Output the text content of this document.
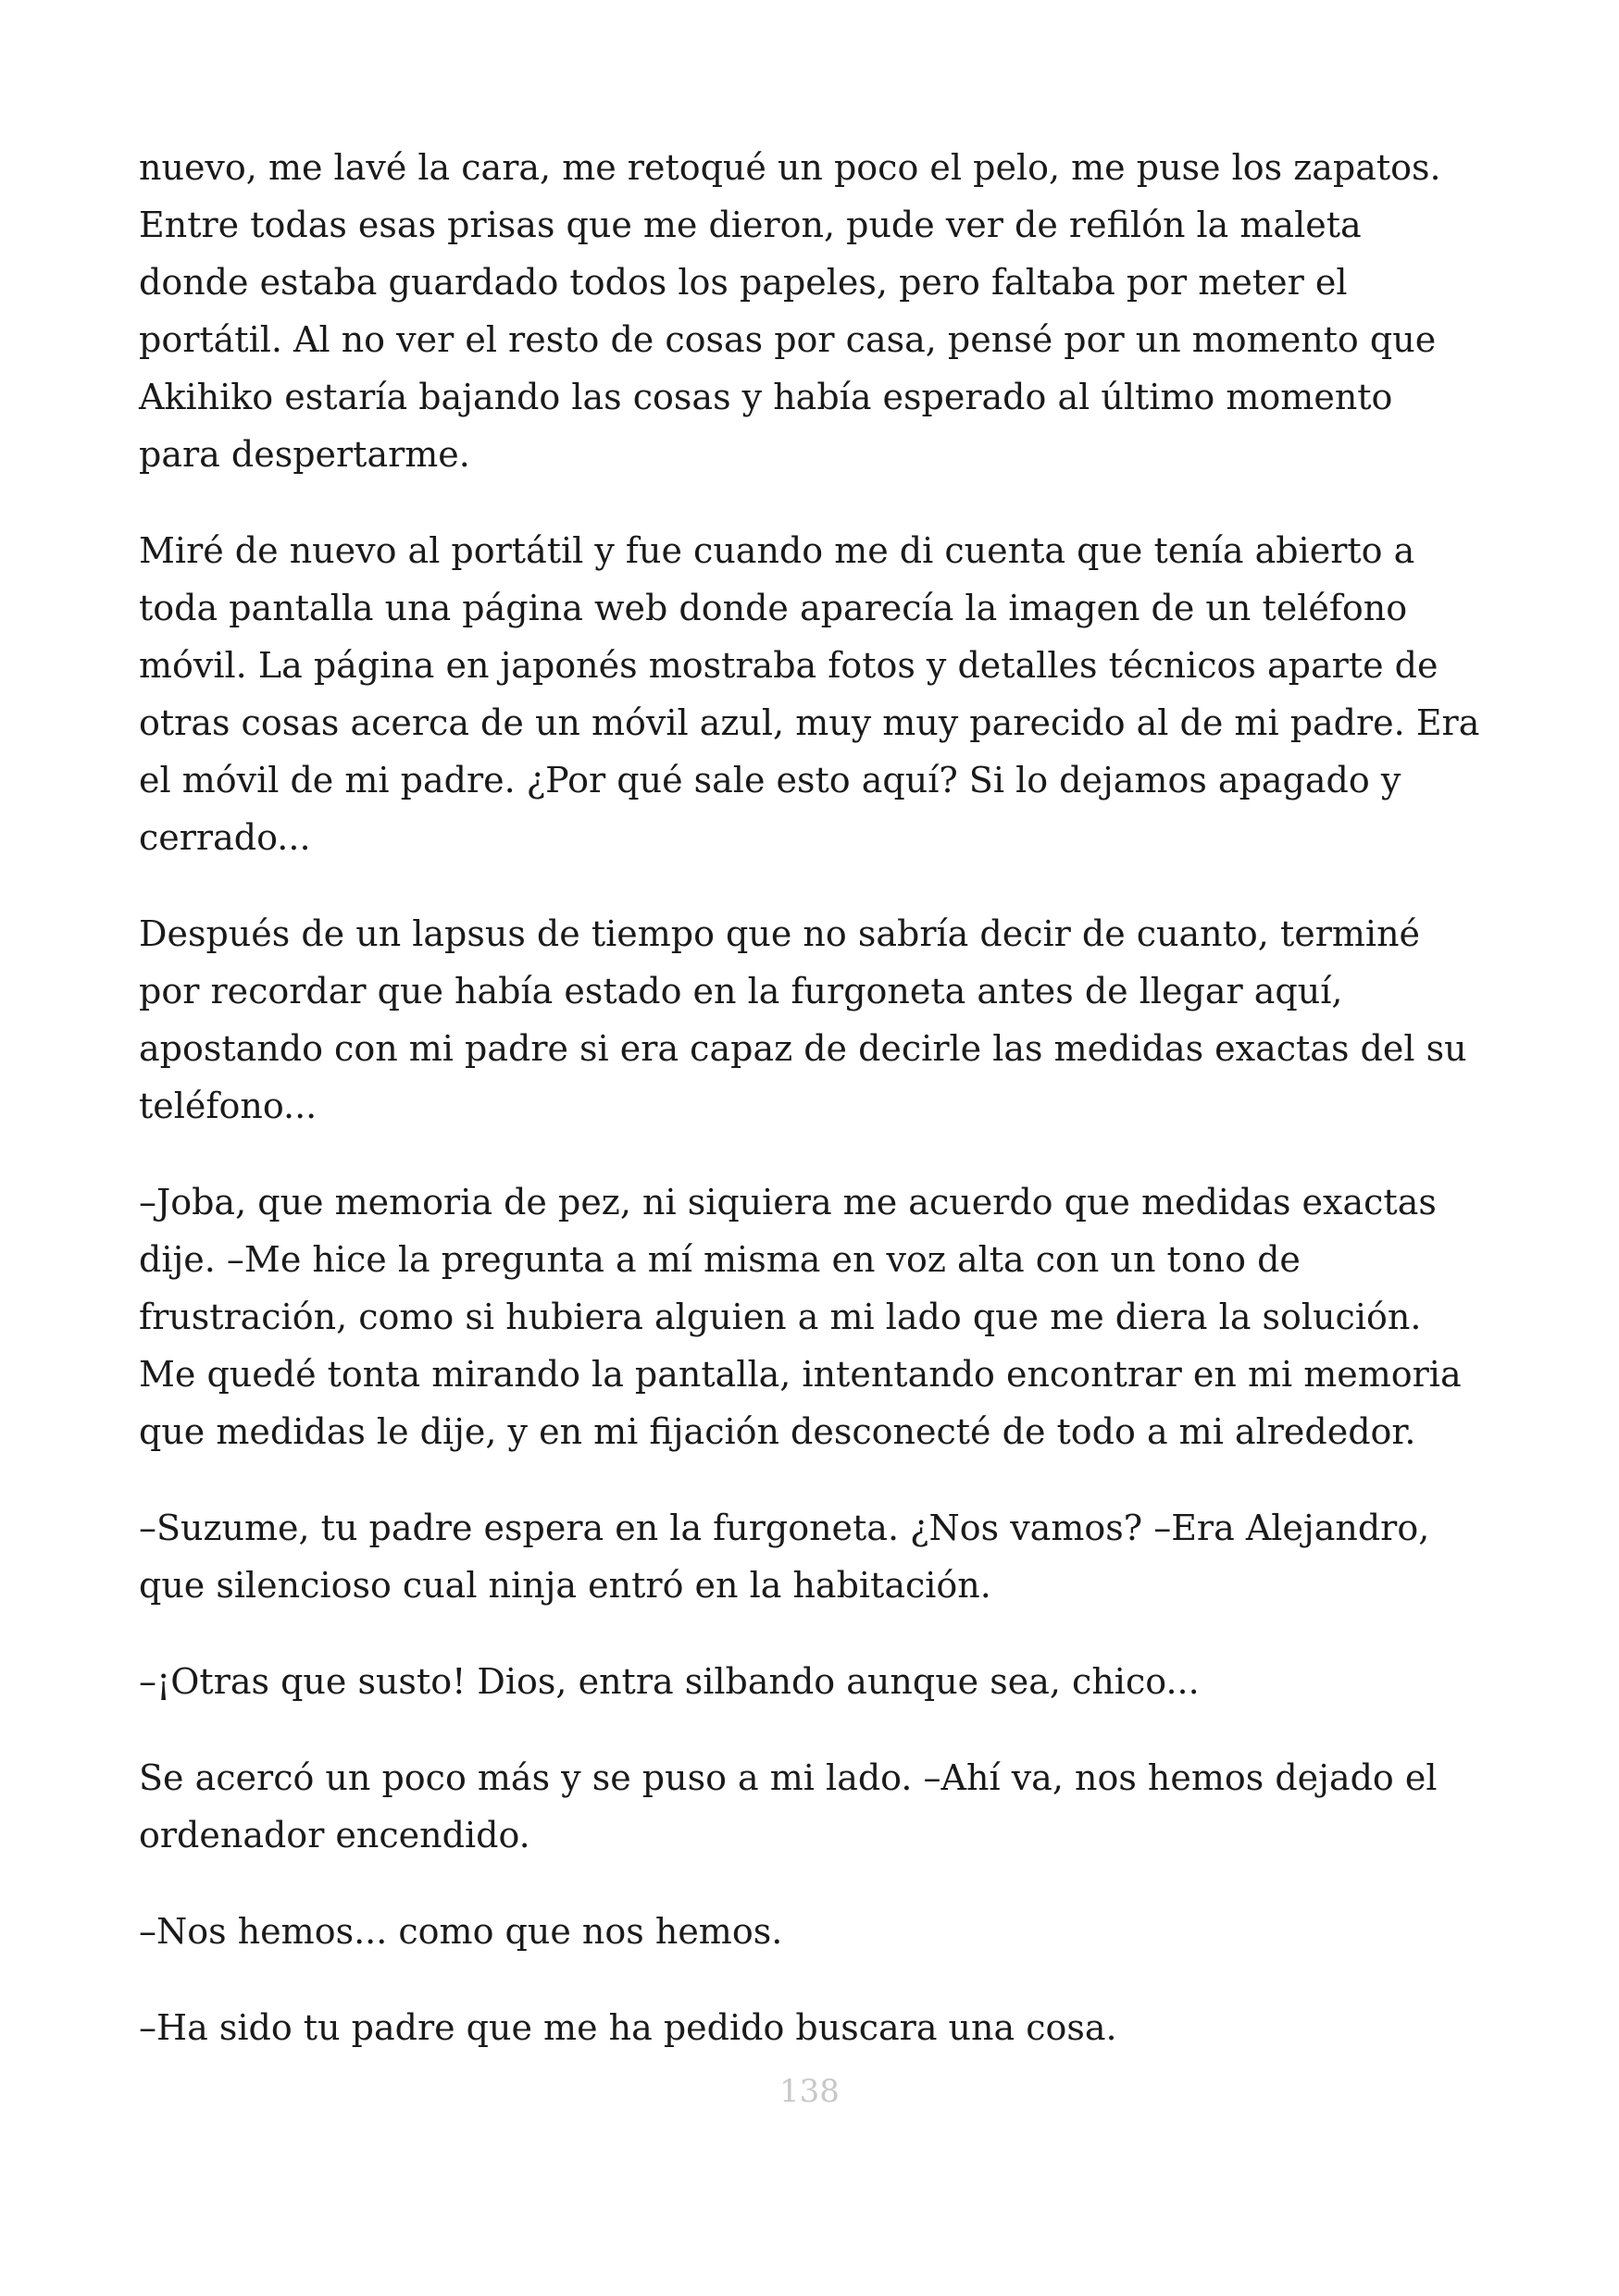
nuevo, me lavé la cara, me retoqué un poco el pelo, me puse los zapatos.
Entre todas esas prisas que me dieron, pude ver de refilón la maleta
donde estaba guardado todos los papeles, pero faltaba por meter el
portátil. Al no ver el resto de cosas por casa, pensé por un momento que
Akihiko estaría bajando las cosas y había esperado al último momento
para despertarme.

Miré de nuevo al portátil y fue cuando me di cuenta que tenía abierto a
toda pantalla una página web donde aparecía la imagen de un teléfono
móvil. La página en japonés mostraba fotos y detalles técnicos aparte de
otras cosas acerca de un móvil azul, muy muy parecido al de mi padre. Era
el móvil de mi padre. ¿Por qué sale esto aquí? Si lo dejamos apagado y
cerrado...

Después de un lapsus de tiempo que no sabría decir de cuanto, terminé
por recordar que había estado en la furgoneta antes de llegar aquí,
apostando con mi padre si era capaz de decirle las medidas exactas del su
teléfono...

–Joba, que memoria de pez, ni siquiera me acuerdo que medidas exactas
dije. –Me hice la pregunta a mí misma en voz alta con un tono de
frustración, como si hubiera alguien a mi lado que me diera la solución.
Me quedé tonta mirando la pantalla, intentando encontrar en mi memoria
que medidas le dije, y en mi fijación desconecté de todo a mi alrededor.

–Suzume, tu padre espera en la furgoneta. ¿Nos vamos? –Era Alejandro,
que silencioso cual ninja entró en la habitación.

–¡Otras que susto! Dios, entra silbando aunque sea, chico...

Se acercó un poco más y se puso a mi lado. –Ahí va, nos hemos dejado el
ordenador encendido.

–Nos hemos... como que nos hemos.

–Ha sido tu padre que me ha pedido buscara una cosa.

138
